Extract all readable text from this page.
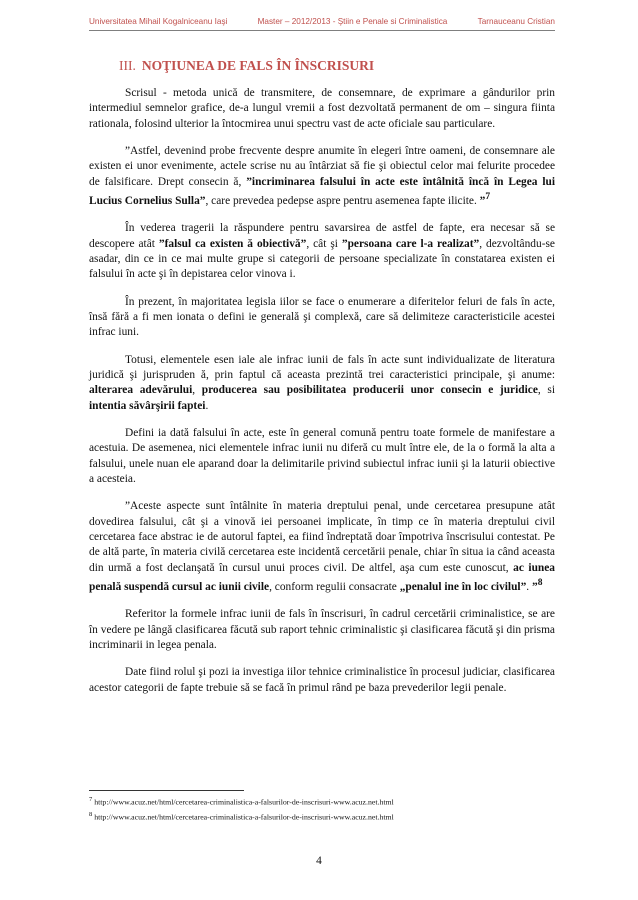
Universitatea Mihail Kogalniceanu Iaşi	Master – 2012/2013 - Ştiin e Penale si Criminalistica	Tarnauceanu Cristian
III. NOŢIUNEA DE FALS ÎN ÎNSCRISURI

Scrisul - metoda unică de transmitere, de consemnare, de exprimare a gândurilor prin intermediul semnelor grafice, de-a lungul vremii a fost dezvoltată permanent de om – singura fiinta rationala, folosind ulterior la întocmirea unui spectru vast de acte oficiale sau particulare.

”Astfel, devenind probe frecvente despre anumite în elegeri între oameni, de consemnare ale existen ei unor evenimente, actele scrise nu au întârziat să fie şi obiectul celor mai felurite procedee de falsificare. Drept consecin ă, ”incriminarea falsului în acte este întâlnită încă în Legea lui Lucius Cornelius Sulla”, care prevedea pedepse aspre pentru asemenea fapte ilicite. ”$^7$

În vederea tragerii la răspundere pentru savarsirea de astfel de fapte, era necesar să se descopere atât ”falsul ca existen ă obiectivă”, cât şi ”persoana care l-a realizat”, dezvoltându-se asadar, din ce in ce mai multe grupe si categorii de persoane specializate în constatarea existen ei falsului în acte şi în depistarea celor vinova i.

În prezent, în majoritatea legisla iilor se face o enumerare a diferitelor feluri de fals în acte, însă fără a fi men ionata o defini ie generală şi complexă, care să delimiteze caracteristicile acestei infrac iuni.

Totusi, elementele esen iale ale infrac iunii de fals în acte sunt individualizate de literatura juridică şi jurispruden ă, prin faptul că aceasta prezintă trei caracteristici principale, şi anume: alterarea adevărului, producerea sau posibilitatea producerii unor consecin e juridice, si intentia săvârşirii faptei.

Defini ia dată falsului în acte, este în general comună pentru toate formele de manifestare a acestuia. De asemenea, nici elementele infrac iunii nu diferă cu mult între ele, de la o formă la alta a falsului, unele nuan ele aparand doar la delimitarile privind subiectul infrac iunii şi la laturii obiective a acesteia.

”Aceste aspecte sunt întâlnite în materia dreptului penal, unde cercetarea presupune atât dovedirea falsului, cât şi a vinovă iei persoanei implicate, în timp ce în materia dreptului civil cercetarea face abstrac ie de autorul faptei, ea fiind îndreptată doar împotriva înscrisului contestat. Pe de altă parte, în materia civilă cercetarea este incidentă cercetării penale, chiar în situa ia când aceasta din urmă a fost declanşată în cursul unui proces civil. De altfel, aşa cum este cunoscut, ac iunea penală suspendă cursul ac iunii civile, conform regulii consacrate „penalul ine în loc civilul”. ”$^8$

Referitor la formele infrac iunii de fals în înscrisuri, în cadrul cercetării criminalistice, se are în vedere pe lângă clasificarea făcută sub raport tehnic criminalistic şi clasificarea făcută şi din prisma incriminarii in legea penala.

Date fiind rolul şi pozi ia investiga iilor tehnice criminalistice în procesul judiciar, clasificarea acestor categorii de fapte trebuie să se facă în primul rând pe baza prevederilor legii penale.

$^7$ http://www.acuz.net/html/cercetarea-criminalistica-a-falsurilor-de-inscrisuri-www.acuz.net.html
$^8$ http://www.acuz.net/html/cercetarea-criminalistica-a-falsurilor-de-inscrisuri-www.acuz.net.html
4
